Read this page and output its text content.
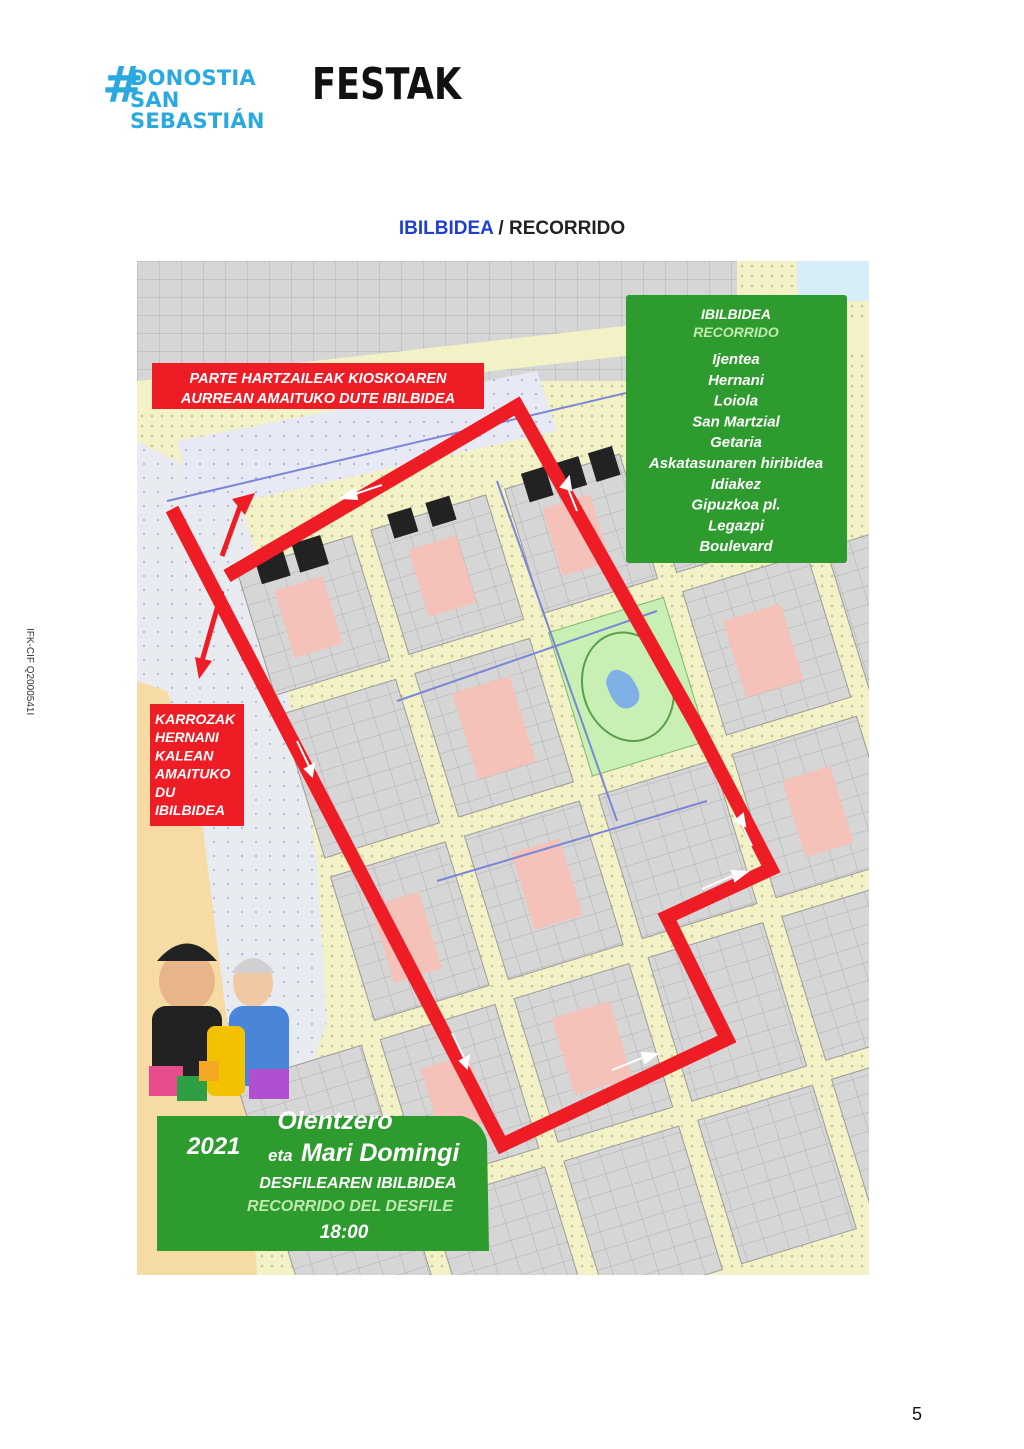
#
DONOSTIA
SAN SEBASTIÁN
FESTAK
IFK-CIF Q2000541I
IBILBIDEA / RECORRIDO
PARTE HARTZAILEAK KIOSKOAREN
AURREAN AMAITUKO DUTE IBILBIDEA
KARROZAK
HERNANI
KALEAN
AMAITUKO
DU
IBILBIDEA
IBILBIDEA
RECORRIDO
Ijentea
Hernani
Loiola
San Martzial
Getaria
Askatasunaren hiribidea
Idiakez
Gipuzkoa pl.
Legazpi
Boulevard
Olentzero
2021 eta Mari Domingi
DESFILEAREN IBILBIDEA
RECORRIDO DEL DESFILE
18:00
5
